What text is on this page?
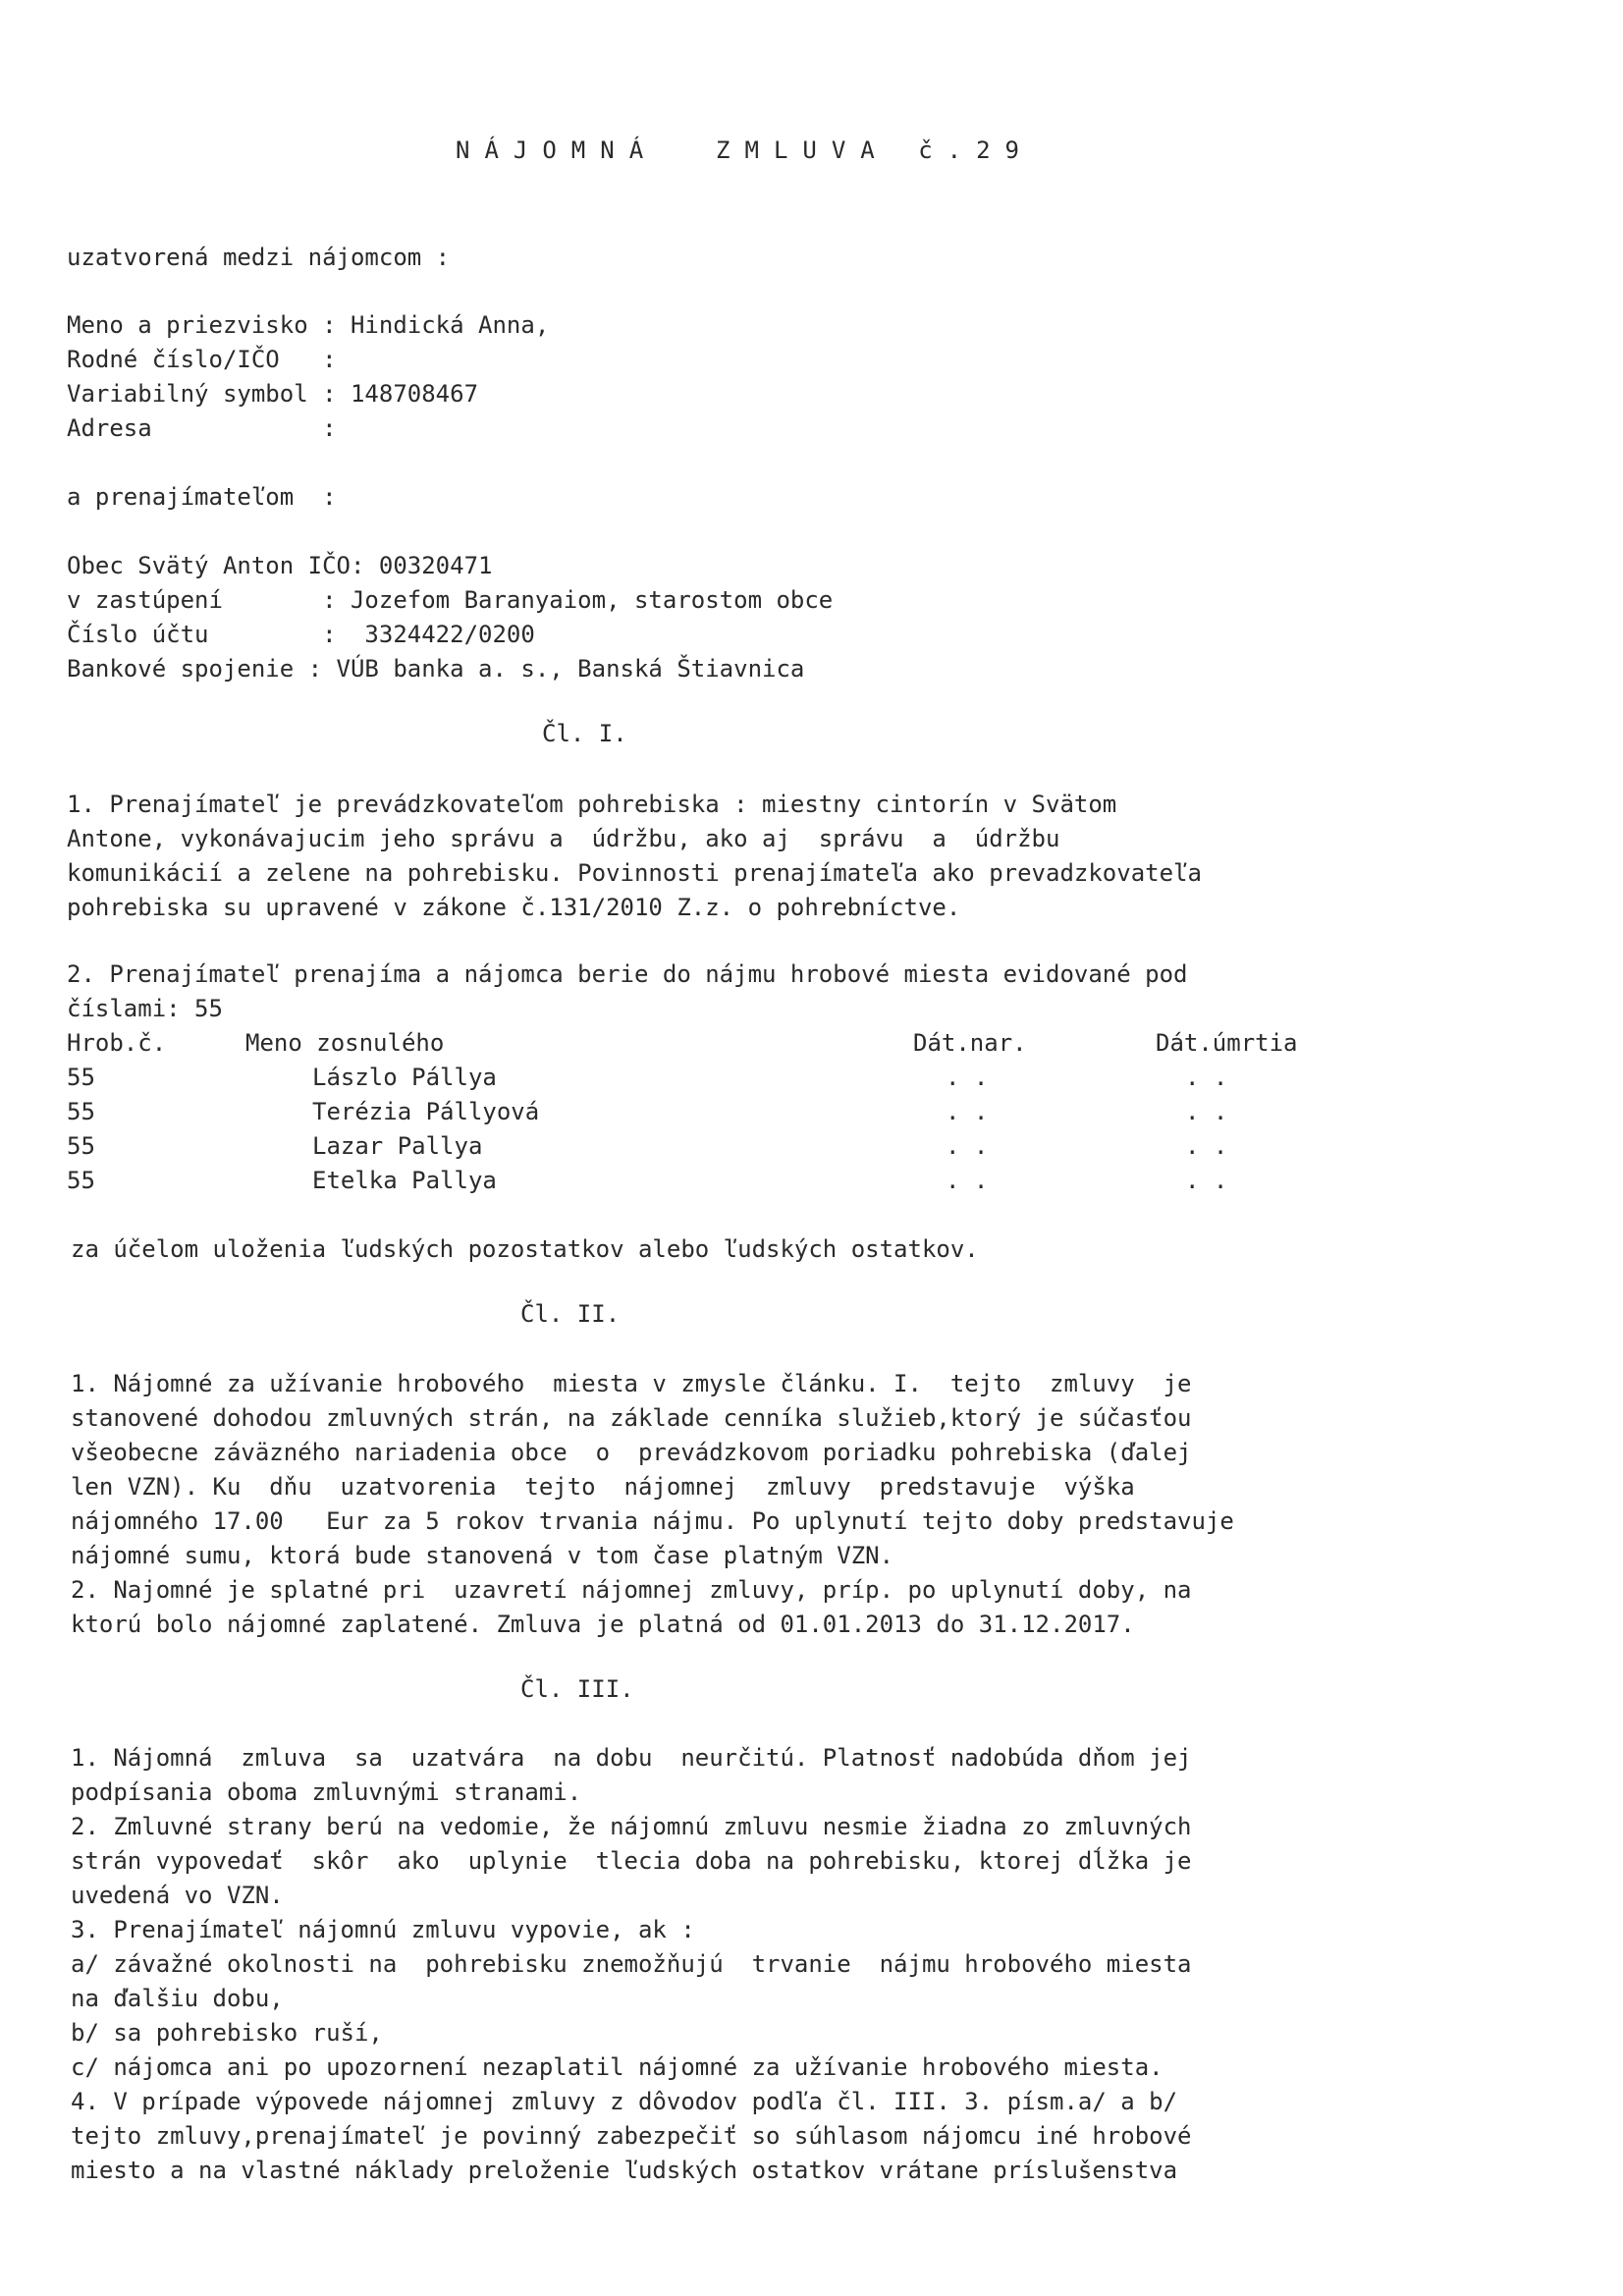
NÁJOMNÁ  ZMLUVA č.29
uzatvorená medzi nájomcom :
Meno a priezvisko : Hindická Anna,
Rodné číslo/IČO   :
Variabilný symbol : 148708467
Adresa            :
a prenajímateľom  :
Obec Svätý Anton IČO: 00320471
v zastúpení       : Jozefom Baranyaiom, starostom obce
Číslo účtu        :  3324422/0200
Bankové spojenie : VÚB banka a. s., Banská Štiavnica
Čl. I.
1. Prenajímateľ je prevádzkovateľom pohrebiska : miestny cintorín v Svätom
Antone, vykonávajucim jeho správu a  údržbu, ako aj  správu  a  údržbu
komunikácií a zelene na pohrebisku. Povinnosti prenajímateľa ako prevadzkovateľa
pohrebiska su upravené v zákone č.131/2010 Z.z. o pohrebníctve.
2. Prenajímateľ prenajíma a nájomca berie do nájmu hrobové miesta evidované pod
číslami: 55
Hrob.č.	Meno zosnulého	Dát.nar.	Dát.úmrtia
55	Lászlo Pállya	. .	. .
55	Terézia Pállyová	. .	. .
55	Lazar Pallya	. .	. .
55	Etelka Pallya	. .	. .
za účelom uloženia ľudských pozostatkov alebo ľudských ostatkov.
Čl. II.
1. Nájomné za užívanie hrobového  miesta v zmysle článku. I.  tejto  zmluvy  je
stanovené dohodou zmluvných strán, na základe cenníka služieb,ktorý je súčasťou
všeobecne záväzného nariadenia obce  o  prevádzkovom poriadku pohrebiska (ďalej
len VZN). Ku  dňu  uzatvorenia  tejto  nájomnej  zmluvy  predstavuje  výška
nájomného 17.00   Eur za 5 rokov trvania nájmu. Po uplynutí tejto doby predstavuje
nájomné sumu, ktorá bude stanovená v tom čase platným VZN.
2. Najomné je splatné pri  uzavretí nájomnej zmluvy, príp. po uplynutí doby, na
ktorú bolo nájomné zaplatené. Zmluva je platná od 01.01.2013 do 31.12.2017.
Čl. III.
1. Nájomná  zmluva  sa  uzatvára  na dobu  neurčitú. Platnosť nadobúda dňom jej
podpísania oboma zmluvnými stranami.
2. Zmluvné strany berú na vedomie, že nájomnú zmluvu nesmie žiadna zo zmluvných
strán vypovedať  skôr  ako  uplynie  tlecia doba na pohrebisku, ktorej dĺžka je
uvedená vo VZN.
3. Prenajímateľ nájomnú zmluvu vypovie, ak :
a/ závažné okolnosti na  pohrebisku znemožňujú  trvanie  nájmu hrobového miesta
na ďalšiu dobu,
b/ sa pohrebisko ruší,
c/ nájomca ani po upozornení nezaplatil nájomné za užívanie hrobového miesta.
4. V prípade výpovede nájomnej zmluvy z dôvodov podľa čl. III. 3. písm.a/ a b/
tejto zmluvy,prenajímateľ je povinný zabezpečiť so súhlasom nájomcu iné hrobové
miesto a na vlastné náklady preloženie ľudských ostatkov vrátane príslušenstva
